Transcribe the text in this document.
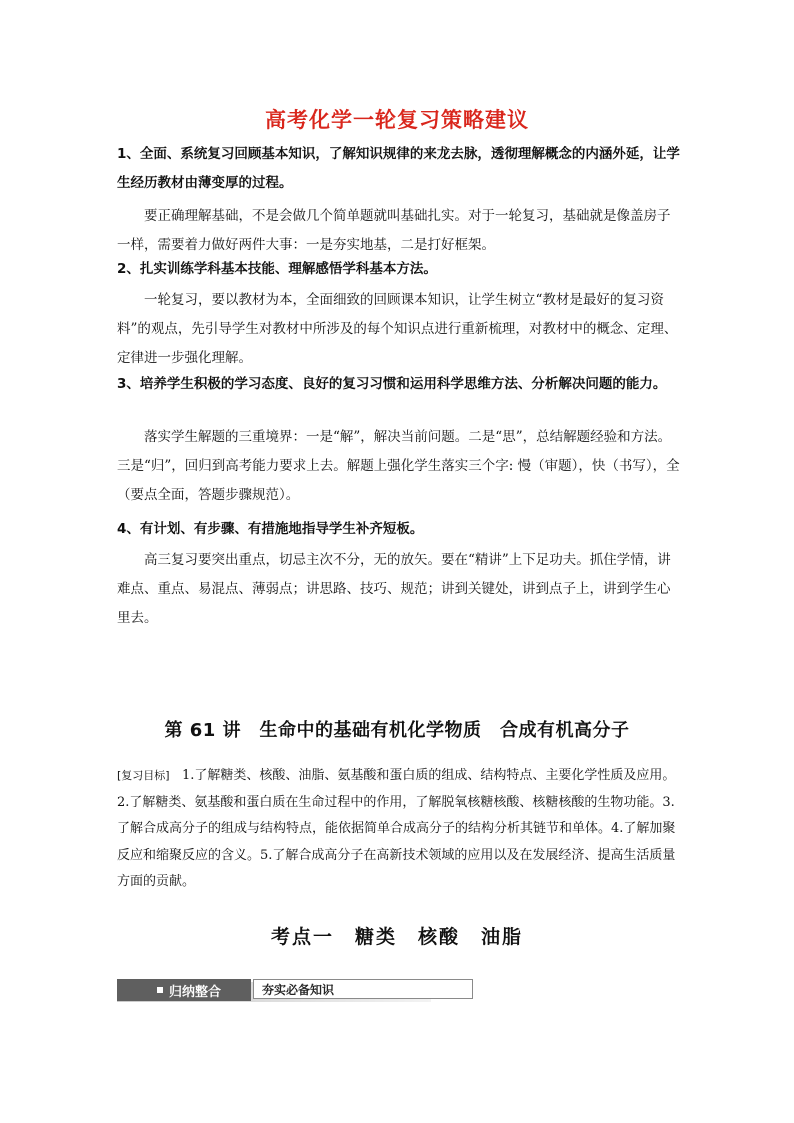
高考化学一轮复习策略建议
1、全面、系统复习回顾基本知识，了解知识规律的来龙去脉，透彻理解概念的内涵外延，让学生经历教材由薄变厚的过程。
要正确理解基础，不是会做几个简单题就叫基础扎实。对于一轮复习，基础就是像盖房子一样，需要着力做好两件大事：一是夯实地基，二是打好框架。
2、扎实训练学科基本技能、理解感悟学科基本方法。
一轮复习，要以教材为本，全面细致的回顾课本知识，让学生树立“教材是最好的复习资料”的观点，先引导学生对教材中所涉及的每个知识点进行重新梳理，对教材中的概念、定理、定律进一步强化理解。
3、培养学生积极的学习态度、良好的复习习惯和运用科学思维方法、分析解决问题的能力。
落实学生解题的三重境界：一是“解”，解决当前问题。二是“思”，总结解题经验和方法。三是“归”，回归到高考能力要求上去。解题上强化学生落实三个字: 慢（审题），快（书写），全（要点全面，答题步骤规范）。
4、有计划、有步骤、有措施地指导学生补齐短板。
高三复习要突出重点，切忌主次不分，无的放矢。要在“精讲”上下足功夫。抓住学情，讲难点、重点、易混点、薄弱点；讲思路、技巧、规范；讲到关键处，讲到点子上，讲到学生心里去。
第 61 讲　生命中的基础有机化学物质　合成有机高分子
[复习目标] 1.了解糖类、核酸、油脂、氨基酸和蛋白质的组成、结构特点、主要化学性质及应用。2.了解糖类、氨基酸和蛋白质在生命过程中的作用，了解脱氧核糖核酸、核糖核酸的生物功能。3.了解合成高分子的组成与结构特点，能依据简单合成高分子的结构分析其链节和单体。4.了解加聚反应和缩聚反应的含义。5.了解合成高分子在高新技术领域的应用以及在发展经济、提高生活质量方面的贡献。
考点一　糖类　核酸　油脂
归纳整合	夯实必备知识
